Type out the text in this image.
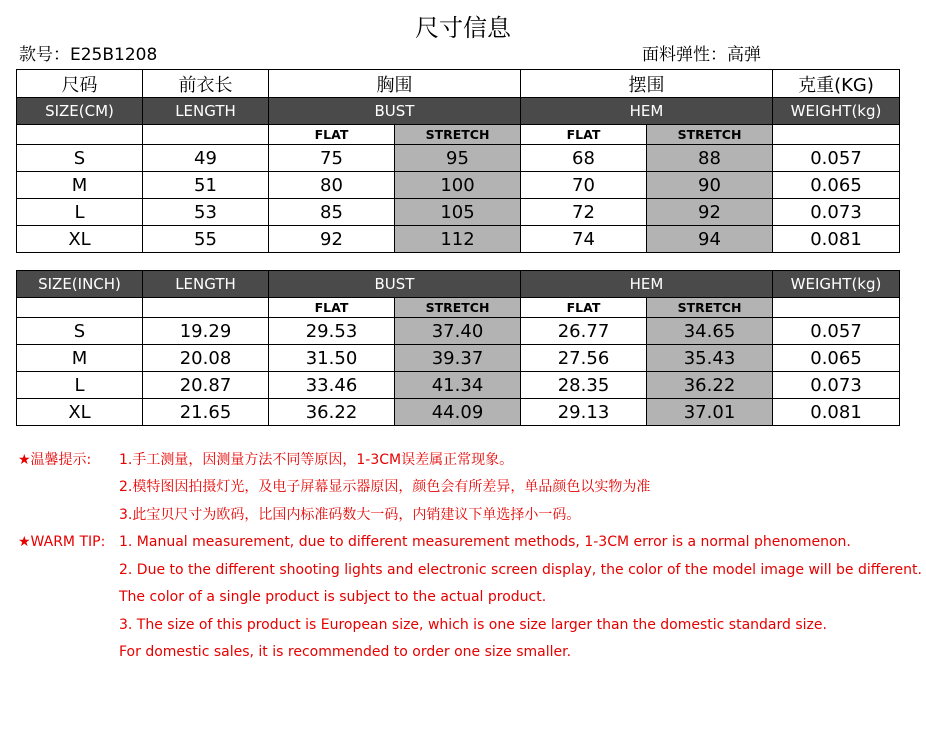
尺寸信息
款号：E25B1208	面料弹性：高弹
尺码	前衣长	胸围		摆围		克重(KG)
SIZE(CM)	LENGTH	BUST		HEM		WEIGHT(kg)
		FLAT	STRETCH	FLAT	STRETCH	
S	49	75	95	68	88	0.057
M	51	80	100	70	90	0.065
L	53	85	105	72	92	0.073
XL	55	92	112	74	94	0.081
SIZE(INCH)	LENGTH	BUST		HEM		WEIGHT(kg)
		FLAT	STRETCH	FLAT	STRETCH	
S	19.29	29.53	37.40	26.77	34.65	0.057
M	20.08	31.50	39.37	27.56	35.43	0.065
L	20.87	33.46	41.34	28.35	36.22	0.073
XL	21.65	36.22	44.09	29.13	37.01	0.081
★温馨提示: 1.手工测量，因测量方法不同等原因，1-3CM误差属正常现象。
2.模特图因拍摄灯光，及电子屏幕显示器原因，颜色会有所差异，单品颜色以实物为准
3.此宝贝尺寸为欧码，比国内标准码数大一码，内销建议下单选择小一码。
★WARM TIP: 1. Manual measurement, due to different measurement methods, 1-3CM error is a normal phenomenon.
2. Due to the different shooting lights and electronic screen display, the color of the model image will be different.
The color of a single product is subject to the actual product.
3. The size of this product is European size, which is one size larger than the domestic standard size.
For domestic sales, it is recommended to order one size smaller.
